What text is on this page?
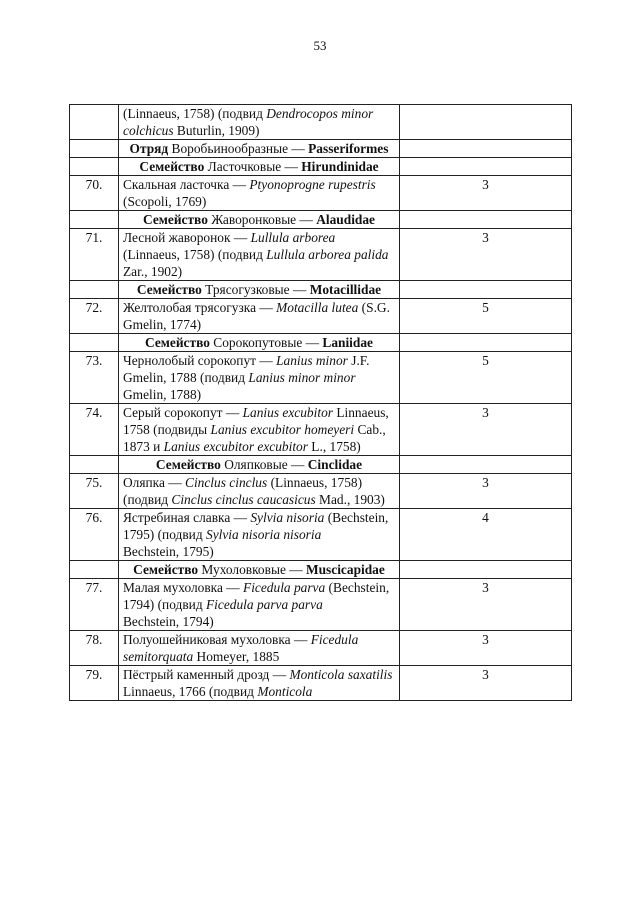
53
	(Linnaeus, 1758) (подвид Dendrocopos minor colchicus Buturlin, 1909)	
	Отряд Воробьинообразные — Passeriformes	
	Семейство Ласточковые — Hirundinidae	
70.	Скальная ласточка — Ptyonoprogne rupestris (Scopoli, 1769)	3
	Семейство Жаворонковые — Alaudidae	
71.	Лесной жаворонок — Lullula arborea (Linnaeus, 1758) (подвид Lullula arborea palida Zar., 1902)	3
	Семейство Трясогузковые — Motacillidae	
72.	Желтолобая трясогузка — Motacilla lutea (S.G. Gmelin, 1774)	5
	Семейство Сорокопутовые — Laniidae	
73.	Чернолобый сорокопут — Lanius minor J.F. Gmelin, 1788 (подвид Lanius minor minor Gmelin, 1788)	5
74.	Серый сорокопут — Lanius excubitor Linnaeus, 1758 (подвиды Lanius excubitor homeyeri Cab., 1873 и Lanius excubitor excubitor L., 1758)	3
	Семейство Оляпковые — Cinclidae	
75.	Оляпка — Cinclus cinclus (Linnaeus, 1758) (подвид Cinclus cinclus caucasicus Mad., 1903)	3
76.	Ястребиная славка — Sylvia nisoria (Bechstein, 1795) (подвид Sylvia nisoria nisoria
Bechstein, 1795)	4
	Семейство Мухоловковые — Muscicapidae	
77.	Малая мухоловка — Ficedula parva (Bechstein, 1794) (подвид Ficedula parva parva
Bechstein, 1794)	3
78.	Полуошейниковая мухоловка — Ficedula semitorquata Homeyer, 1885	3
79.	Пёстрый каменный дрозд — Monticola saxatilis Linnaeus, 1766 (подвид Monticola	3
